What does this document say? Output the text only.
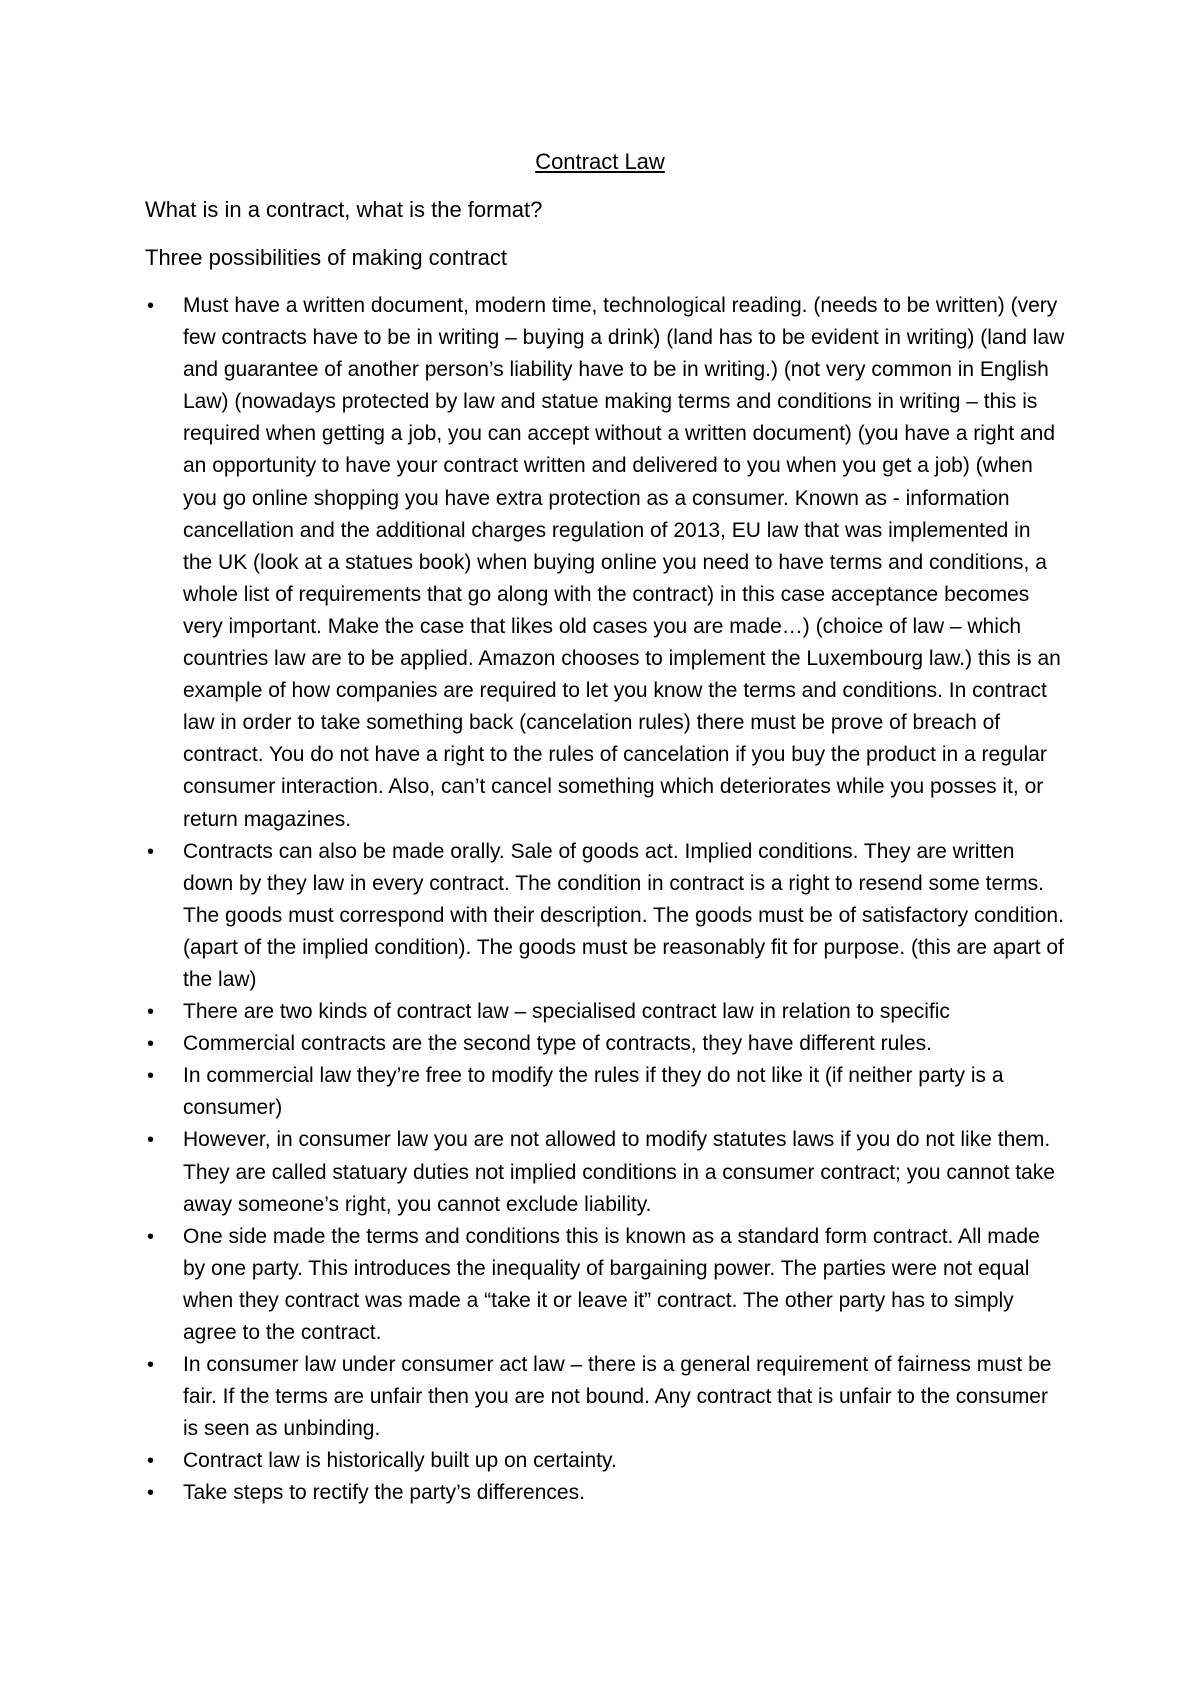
Contract Law

What is in a contract, what is the format?

Three possibilities of making contract

• Must have a written document, modern time, technological reading. (needs to be written) (very few contracts have to be in writing – buying a drink) (land has to be evident in writing) (land law and guarantee of another person’s liability have to be in writing.) (not very common in English Law) (nowadays protected by law and statue making terms and conditions in writing – this is required when getting a job, you can accept without a written document) (you have a right and an opportunity to have your contract written and delivered to you when you get a job) (when you go online shopping you have extra protection as a consumer. Known as - information cancellation and the additional charges regulation of 2013, EU law that was implemented in the UK (look at a statues book) when buying online you need to have terms and conditions, a whole list of requirements that go along with the contract) in this case acceptance becomes very important. Make the case that likes old cases you are made…) (choice of law – which countries law are to be applied. Amazon chooses to implement the Luxembourg law.) this is an example of how companies are required to let you know the terms and conditions. In contract law in order to take something back (cancelation rules) there must be prove of breach of contract. You do not have a right to the rules of cancelation if you buy the product in a regular consumer interaction. Also, can’t cancel something which deteriorates while you posses it, or return magazines.
• Contracts can also be made orally. Sale of goods act. Implied conditions. They are written down by they law in every contract. The condition in contract is a right to resend some terms. The goods must correspond with their description. The goods must be of satisfactory condition. (apart of the implied condition). The goods must be reasonably fit for purpose. (this are apart of the law)
• There are two kinds of contract law – specialised contract law in relation to specific
• Commercial contracts are the second type of contracts, they have different rules.
• In commercial law they’re free to modify the rules if they do not like it (if neither party is a consumer)
• However, in consumer law you are not allowed to modify statutes laws if you do not like them. They are called statuary duties not implied conditions in a consumer contract; you cannot take away someone’s right, you cannot exclude liability.
• One side made the terms and conditions this is known as a standard form contract. All made by one party. This introduces the inequality of bargaining power. The parties were not equal when they contract was made a “take it or leave it” contract. The other party has to simply agree to the contract.
• In consumer law under consumer act law – there is a general requirement of fairness must be fair. If the terms are unfair then you are not bound. Any contract that is unfair to the consumer is seen as unbinding.
• Contract law is historically built up on certainty.
• Take steps to rectify the party’s differences.
